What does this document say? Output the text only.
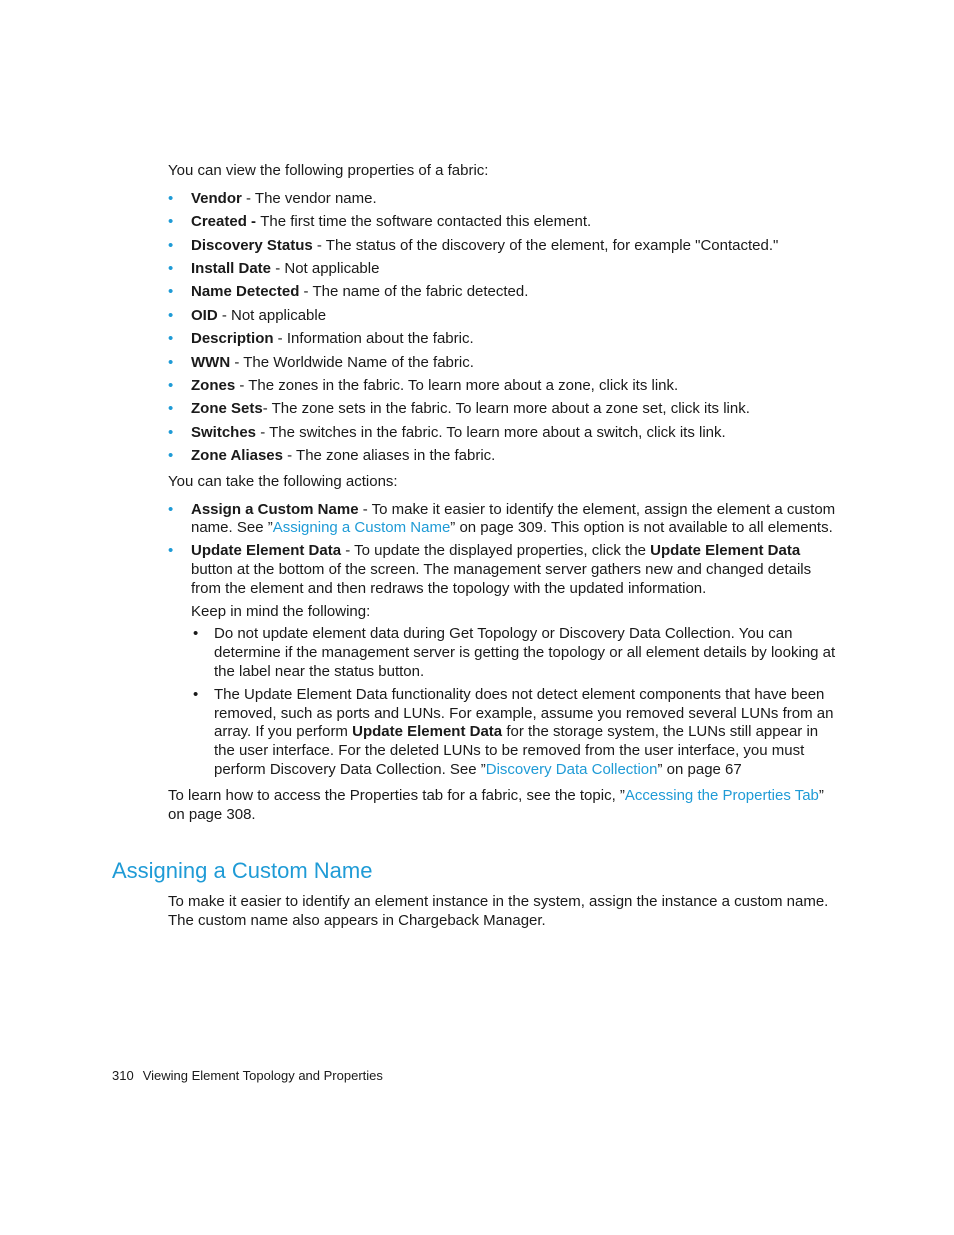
You can view the following properties of a fabric:

• Vendor - The vendor name.
• Created - The first time the software contacted this element.
• Discovery Status - The status of the discovery of the element, for example "Contacted."
• Install Date - Not applicable
• Name Detected - The name of the fabric detected.
• OID - Not applicable
• Description - Information about the fabric.
• WWN - The Worldwide Name of the fabric.
• Zones - The zones in the fabric. To learn more about a zone, click its link.
• Zone Sets- The zone sets in the fabric. To learn more about a zone set, click its link.
• Switches - The switches in the fabric. To learn more about a switch, click its link.
• Zone Aliases - The zone aliases in the fabric.

You can take the following actions:

• Assign a Custom Name - To make it easier to identify the element, assign the element a custom name. See ”Assigning a Custom Name” on page 309. This option is not available to all elements.
• Update Element Data - To update the displayed properties, click the Update Element Data button at the bottom of the screen. The management server gathers new and changed details from the element and then redraws the topology with the updated information.

Keep in mind the following:

• Do not update element data during Get Topology or Discovery Data Collection. You can determine if the management server is getting the topology or all element details by looking at the label near the status button.
• The Update Element Data functionality does not detect element components that have been removed, such as ports and LUNs. For example, assume you removed several LUNs from an array. If you perform Update Element Data for the storage system, the LUNs still appear in the user interface. For the deleted LUNs to be removed from the user interface, you must perform Discovery Data Collection. See ”Discovery Data Collection” on page 67

To learn how to access the Properties tab for a fabric, see the topic, ”Accessing the Properties Tab” on page 308.

Assigning a Custom Name

To make it easier to identify an element instance in the system, assign the instance a custom name. The custom name also appears in Chargeback Manager.

310 Viewing Element Topology and Properties
